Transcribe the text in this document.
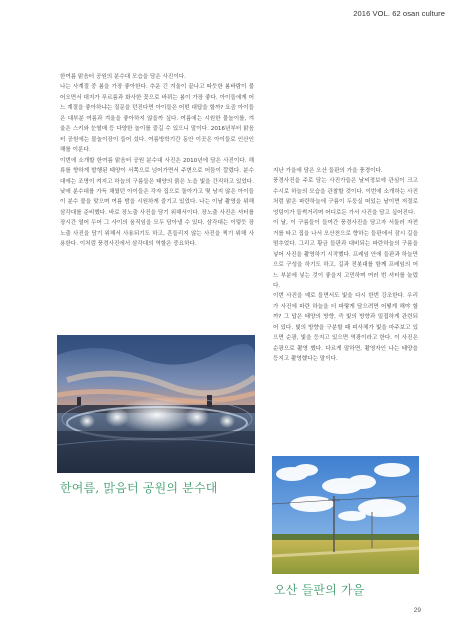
2016 VOL. 62 osan culture

한여름 맑음터 공원의 분수대 모습을 담은 사진이다.
나는 사계절 중 봄을 가장 좋아한다. 추운 긴 겨울이 끝나고 따듯한 봄바람이 불어오면서 대지가 푸르름과 화사한 꽃으로 바뀌는 봄이 가장 좋다. 아이들에게 어느 계절을 좋아하냐는 질문을 던진다면 아이들은 어떤 대답을 할까? 요즘 아이들은 대부분 여름과 겨울을 좋아하지 않을까 싶다. 여름에는 시원한 물놀이를, 겨울은 스키와 눈썰매 등 다양한 놀이를 즐길 수 있으니 말이다. 2016년부터 맑음터 공원에는 물놀이장이 들어 섰다. 여름방학기간 동안 이곳은 아이들로 인산인해를 이룬다.

이번에 소개할 한여름 맑음터 공원 분수대 사진은 2010년에 담은 사진이다. 해류를 향하게 발행된 태양이 서쪽으로 넘어가면서 주변으로 어둠이 깔렸다. 분수대에는 조명이 켜지고 하늘의 구름들은 태양의 붉은 노을 빛을 간직하고 있었다. 낮에 분수대를 가득 채웠던 아이들은 각자 집으로 돌아가고 몇 남지 않은 아이들이 분수 물을 맞으며 여름 밤을 시원하게 즐기고 있었다. 나는 이날 촬영을 위해 삼각대를 준비했다. 바로 장노출 사진을 담기 위해서이다. 장노출 사진은 셔터를 장시간 열어 두어 그 사이의 움직임을 모두 담아낼 수 있다. 삼각대는 이렇듯 장노출 사진을 담기 위해서 사용되기도 하고, 흔들리지 않는 사진을 찍기 위해 사용한다. 이처럼 풍경사진에서 삼각대의 역할은 중요하다.

한여름, 맑음터 공원의 분수대

지난 가을에 담은 오산 들판의 가을 풍경이다.
풍경사진을 주로 담는 사진가들은 날씨정보에 관심이 크고 수시로 하늘의 모습을 관찰할 것이다. 이번에 소개하는 사진처럼 맑은 파란하늘에 구름이 두둥실 떠있는 날이면 저절로 엉덩이가 들썩거리며 어디로든 가서 사진을 담고 싶어진다.
이 날, 이 구름들이 들여간 풍경사진을 담고자 서둘러 자전거를 타고 집을 나서 오산천으로 향하는 들판에서 잠시 길을 멈추었다. 그리고 황금 들판과 대비되는 파란하늘의 구름을 넣어 사진을 촬영하기 시작했다. 프레임 안에 들판과 하늘만으로 구성을 하기도 하고, 길과 전봇대를 함께 프레임의 어느 부분에 넣는 것이 좋을지 고민하며 여러 번 셔터를 눌렀다.
이번 사진을 예로 들면서도 빛을 다시 한번 강조한다. 우리가 사진에 파란 하늘을 더 파랗게 담으려면 어떻게 해야 할까? 그 답은 태양의 방향, 즉 빛의 방향과 밀접하게 관련되어 있다. 빛의 방향을 구분할 때 피사체가 빛을 마주보고 있으면 순광, 빛을 등지고 있으면 역광이라고 한다. 이 사진은 순광으로 촬영 했다. 다르게 말하면, 촬영자인 나는 태양을 등지고 촬영했다는 말이다.

오산 들판의 가을
29
